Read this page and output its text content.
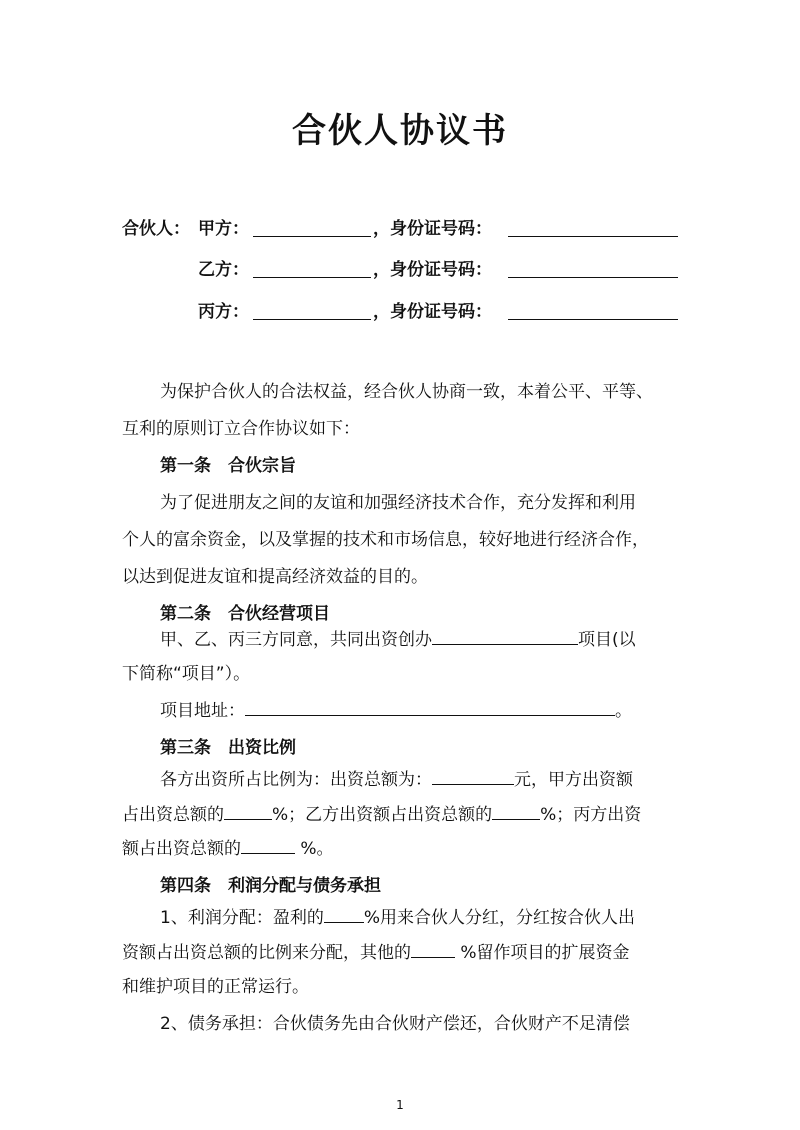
合伙人协议书
合伙人： 甲方：	，身份证号码：
乙方：	，身份证号码：
丙方：	，身份证号码：
为保护合伙人的合法权益，经合伙人协商一致，本着公平、平等、
互利的原则订立合作协议如下：
第一条　合伙宗旨
为了促进朋友之间的友谊和加强经济技术合作，充分发挥和利用
个人的富余资金，以及掌握的技术和市场信息，较好地进行经济合作，
以达到促进友谊和提高经济效益的目的。
第二条　合伙经营项目
甲、乙、丙三方同意，共同出资创办	项目(以
下简称“项目”）。
项目地址：	。
第三条　出资比例
各方出资所占比例为：出资总额为：	元，甲方出资额
占出资总额的	%；乙方出资额占出资总额的	%；丙方出资
额占出资总额的	%。
第四条　利润分配与债务承担
1、利润分配：盈利的 %用来合伙人分红，分红按合伙人出
资额占出资总额的比例来分配，其他的	%留作项目的扩展资金
和维护项目的正常运行。
2、债务承担：合伙债务先由合伙财产偿还，合伙财产不足清偿
1
